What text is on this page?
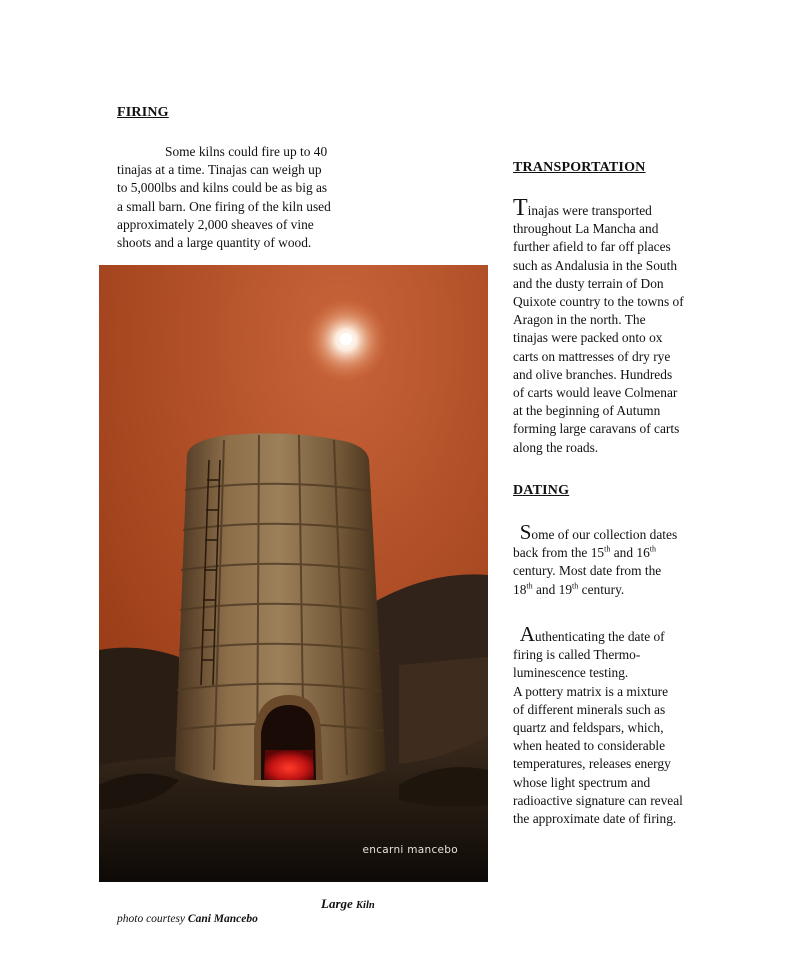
FIRING
Some kilns could fire up to 40
tinajas at a time. Tinajas can weigh up
to 5,000lbs and kilns could be as big as
a small barn. One firing of the kiln used
approximately 2,000 sheaves of vine
shoots and a large quantity of wood.
encarni mancebo
Large Kiln
photo courtesy Cani Mancebo
TRANSPORTATION
Tinajas were transported
throughout La Mancha and
further afield to far off places
such as Andalusia in the South
and the dusty terrain of Don
Quixote country to the towns of
Aragon in the north. The
tinajas were packed onto ox
carts on mattresses of dry rye
and olive branches. Hundreds
of carts would leave Colmenar
at the beginning of Autumn
forming large caravans of carts
along the roads.
DATING
Some of our collection dates
back from the 15th and 16th
century. Most date from the
18th and 19th century.
Authenticating the date of
firing is called Thermo-
luminescence testing.
A pottery matrix is a mixture
of different minerals such as
quartz and feldspars, which,
when heated to considerable
temperatures, releases energy
whose light spectrum and
radioactive signature can reveal
the approximate date of firing.
